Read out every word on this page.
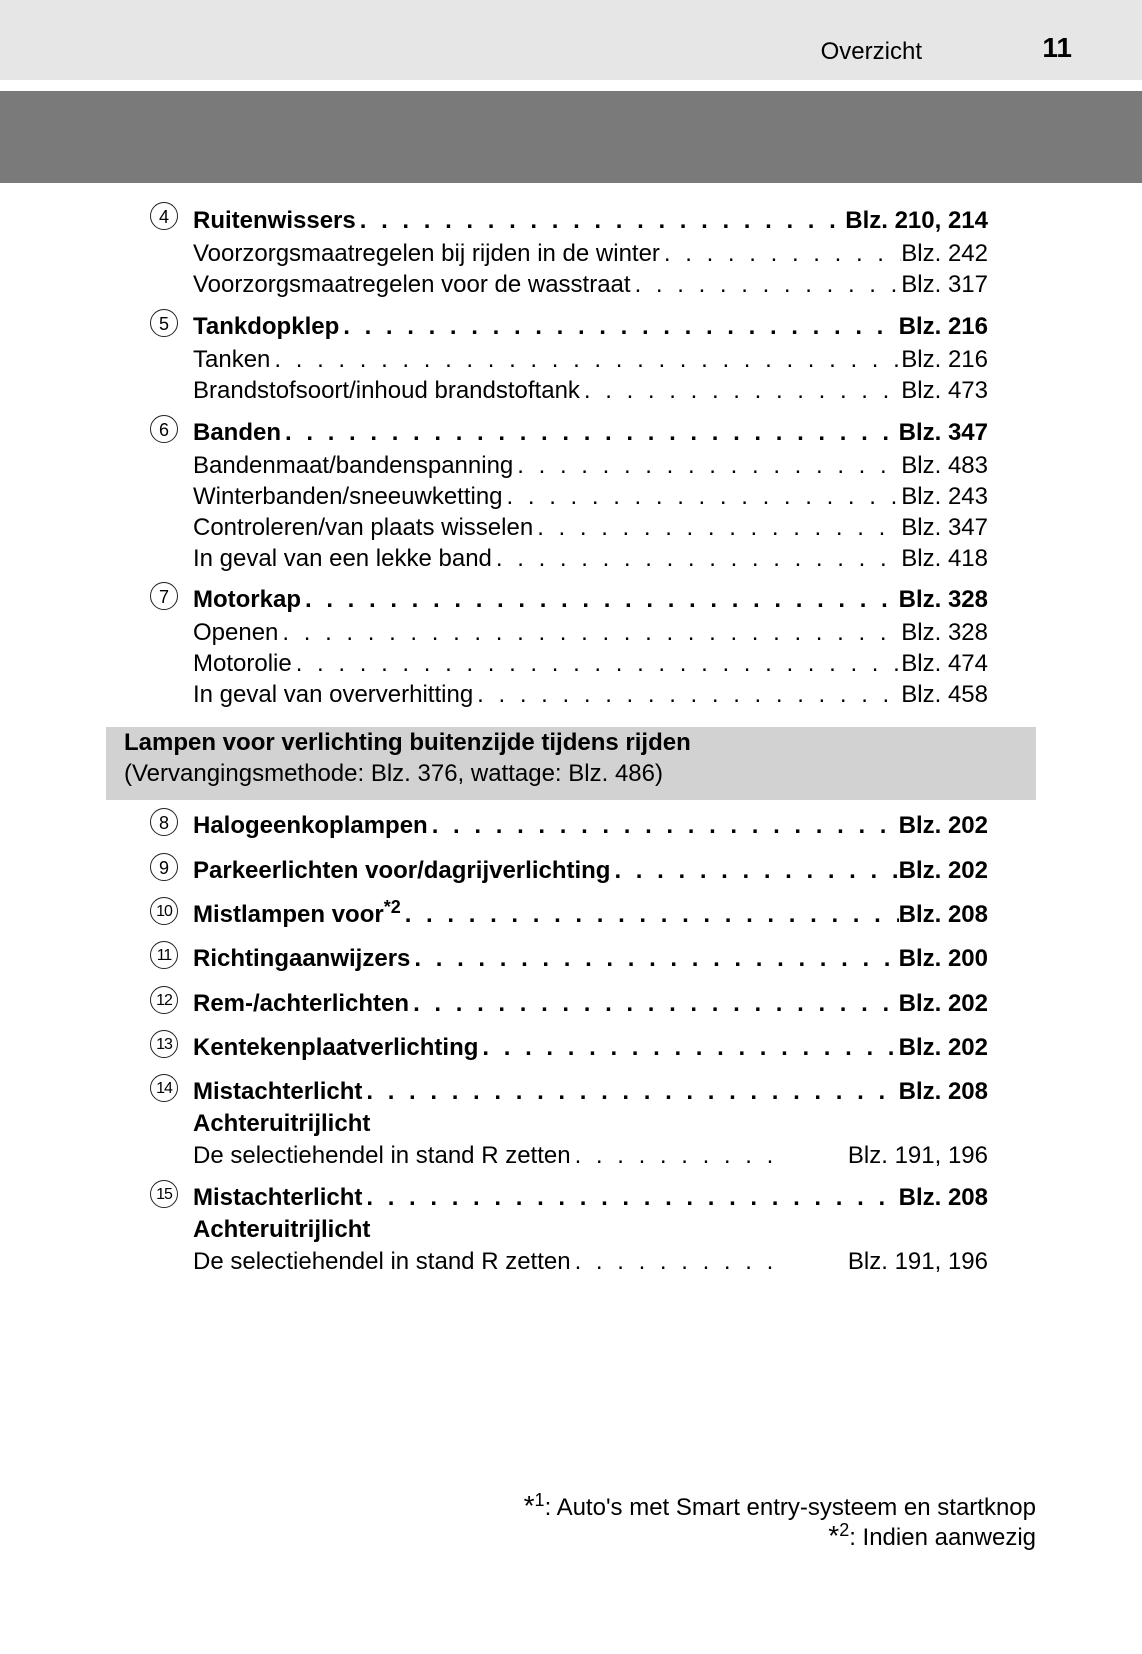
Overzicht	11
4	Ruitenwissers . . .	Blz. 210, 214
Voorzorgsmaatregelen bij rijden in de winter . . .	Blz. 242
Voorzorgsmaatregelen voor de wasstraat . . .	Blz. 317
5	Tankdopklep . . .	Blz. 216
Tanken . . .	Blz. 216
Brandstofsoort/inhoud brandstoftank . . .	Blz. 473
6	Banden . . .	Blz. 347
Bandenmaat/bandenspanning . . .	Blz. 483
Winterbanden/sneeuwketting . . .	Blz. 243
Controleren/van plaats wisselen . . .	Blz. 347
In geval van een lekke band . . .	Blz. 418
7	Motorkap . . .	Blz. 328
Openen . . .	Blz. 328
Motorolie . . .	Blz. 474
In geval van oververhitting . . .	Blz. 458
Lampen voor verlichting buitenzijde tijdens rijden
(Vervangingsmethode: Blz. 376, wattage: Blz. 486)
8	Halogeenkoplampen . . .	Blz. 202
9	Parkeerlichten voor/dagrijverlichting . . .	Blz. 202
10 Mistlampen voor$^{*2}$ . . .	Blz. 208
11 Richtingaanwijzers . . .	Blz. 200
12 Rem-/achterlichten . . .	Blz. 202
13 Kentekenplaatverlichting . . .	Blz. 202
14 Mistachterlicht . . .	Blz. 208
Achteruitrijlicht
De selectiehendel in stand R zetten . . .	Blz. 191, 196
15 Mistachterlicht . . .	Blz. 208
Achteruitrijlicht
De selectiehendel in stand R zetten . . .	Blz. 191, 196
*$^1$: Auto's met Smart entry-systeem en startknop
*$^2$: Indien aanwezig
